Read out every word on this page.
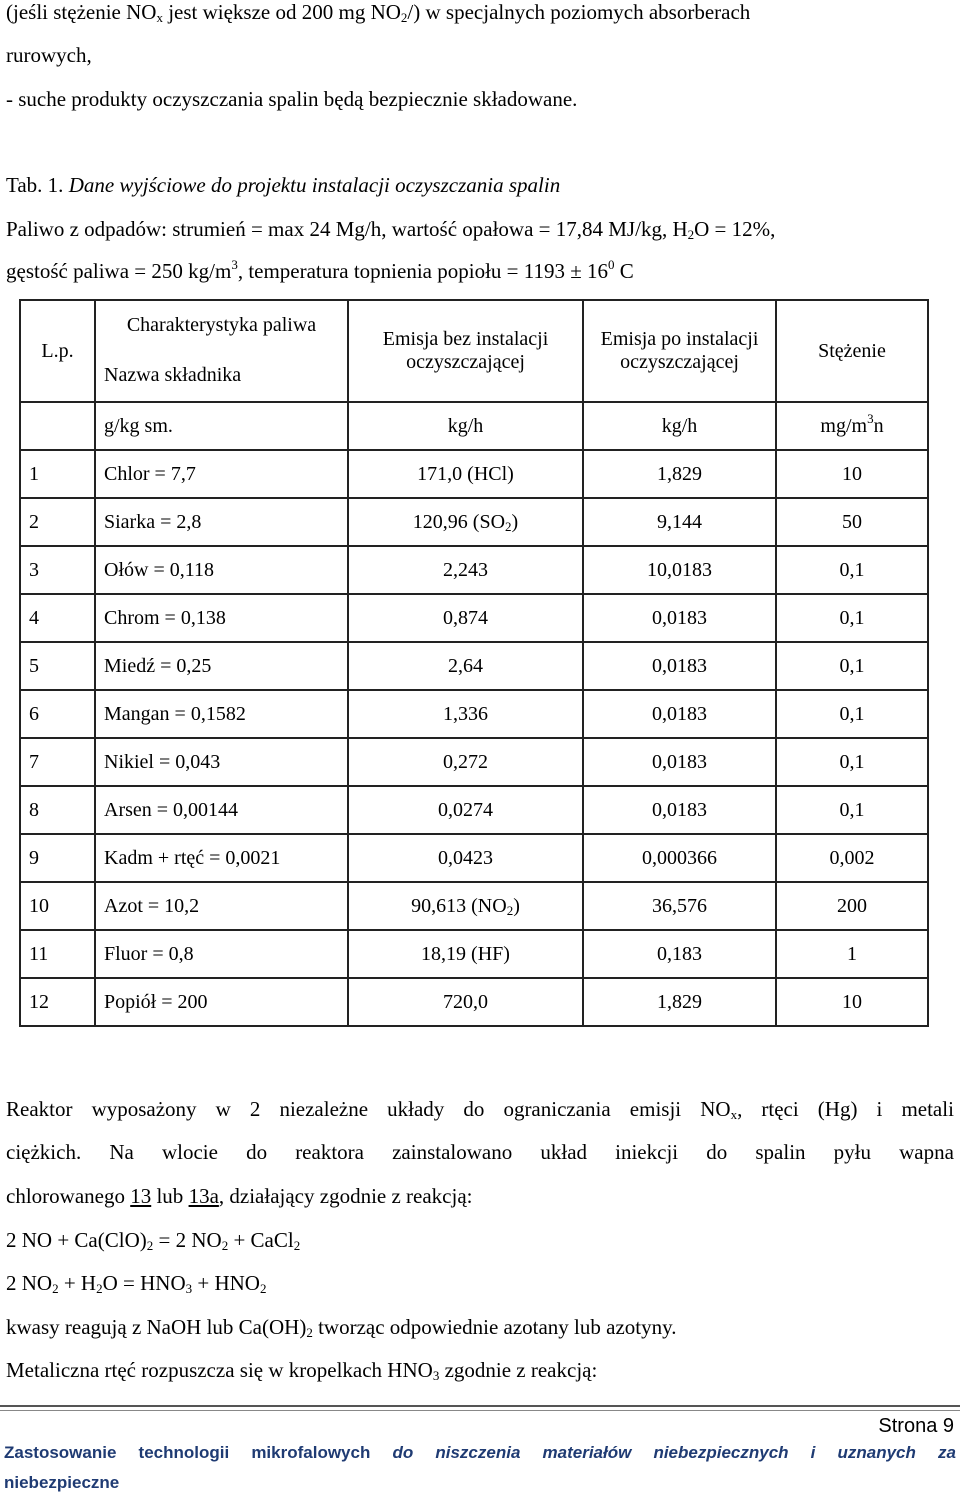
(jeśli stężenie $NO_x$ jest większe od 200 mg $NO_2/$) w specjalnych poziomych absorberach
rurowych,
- suche produkty oczyszczania spalin będą bezpiecznie składowane.
Tab. 1. Dane wyjściowe do projektu instalacji oczyszczania spalin
Paliwo z odpadów: strumień = max 24 Mg/h, wartość opałowa = 17,84 MJ/kg, $H_2O = 12\%$,
gęstość paliwa = 250 $kg/m^3$, temperatura topnienia popiołu = $1193 \pm 16^0$ C
L.p.	Charakterystyka paliwa	Emisja bez instalacji oczyszczającej	Emisja po instalacji oczyszczającej	Stężenie
	Nazwa składnika			
	g/kg sm.	kg/h	kg/h	$mg/m^3n$
1	Chlor = 7,7	171,0 (HCl)	1,829	10
2	Siarka = 2,8	120,96 $(SO_2)$	9,144	50
3	Ołów = 0,118	2,243	10,0183	0,1
4	Chrom = 0,138	0,874	0,0183	0,1
5	Miedź = 0,25	2,64	0,0183	0,1
6	Mangan = 0,1582	1,336	0,0183	0,1
7	Nikiel = 0,043	0,272	0,0183	0,1
8	Arsen = 0,00144	0,0274	0,0183	0,1
9	Kadm + rtęć = 0,0021	0,0423	0,000366	0,002
10	Azot = 10,2	90,613 $(NO_2)$	36,576	200
11	Fluor = 0,8	18,19 (HF)	0,183	1
12	Popiół = 200	720,0	1,829	10
Reaktor wyposażony w 2 niezależne układy do ograniczania emisji $NO_x$, rtęci (Hg) i metali
ciężkich. Na wlocie do reaktora zainstalowano układ iniekcji do spalin pyłu wapna
chlorowanego 13 lub 13a, działający zgodnie z reakcją:
2 NO + $Ca(ClO)_2 = 2$ $NO_2$ + CaCl$_2$
2 $NO_2 + H_2O = HNO_3 + HNO_2$
kwasy reagują z NaOH lub $Ca(OH)_2$ tworząc odpowiednie azotany lub azotyny.
Metaliczna rtęć rozpuszcza się w kropelkach $HNO_3$ zgodnie z reakcją:
Strona 9
Zastosowanie technologii mikrofalowych do niszczenia materiałów niebezpiecznych i uznanych za
niebezpieczne
